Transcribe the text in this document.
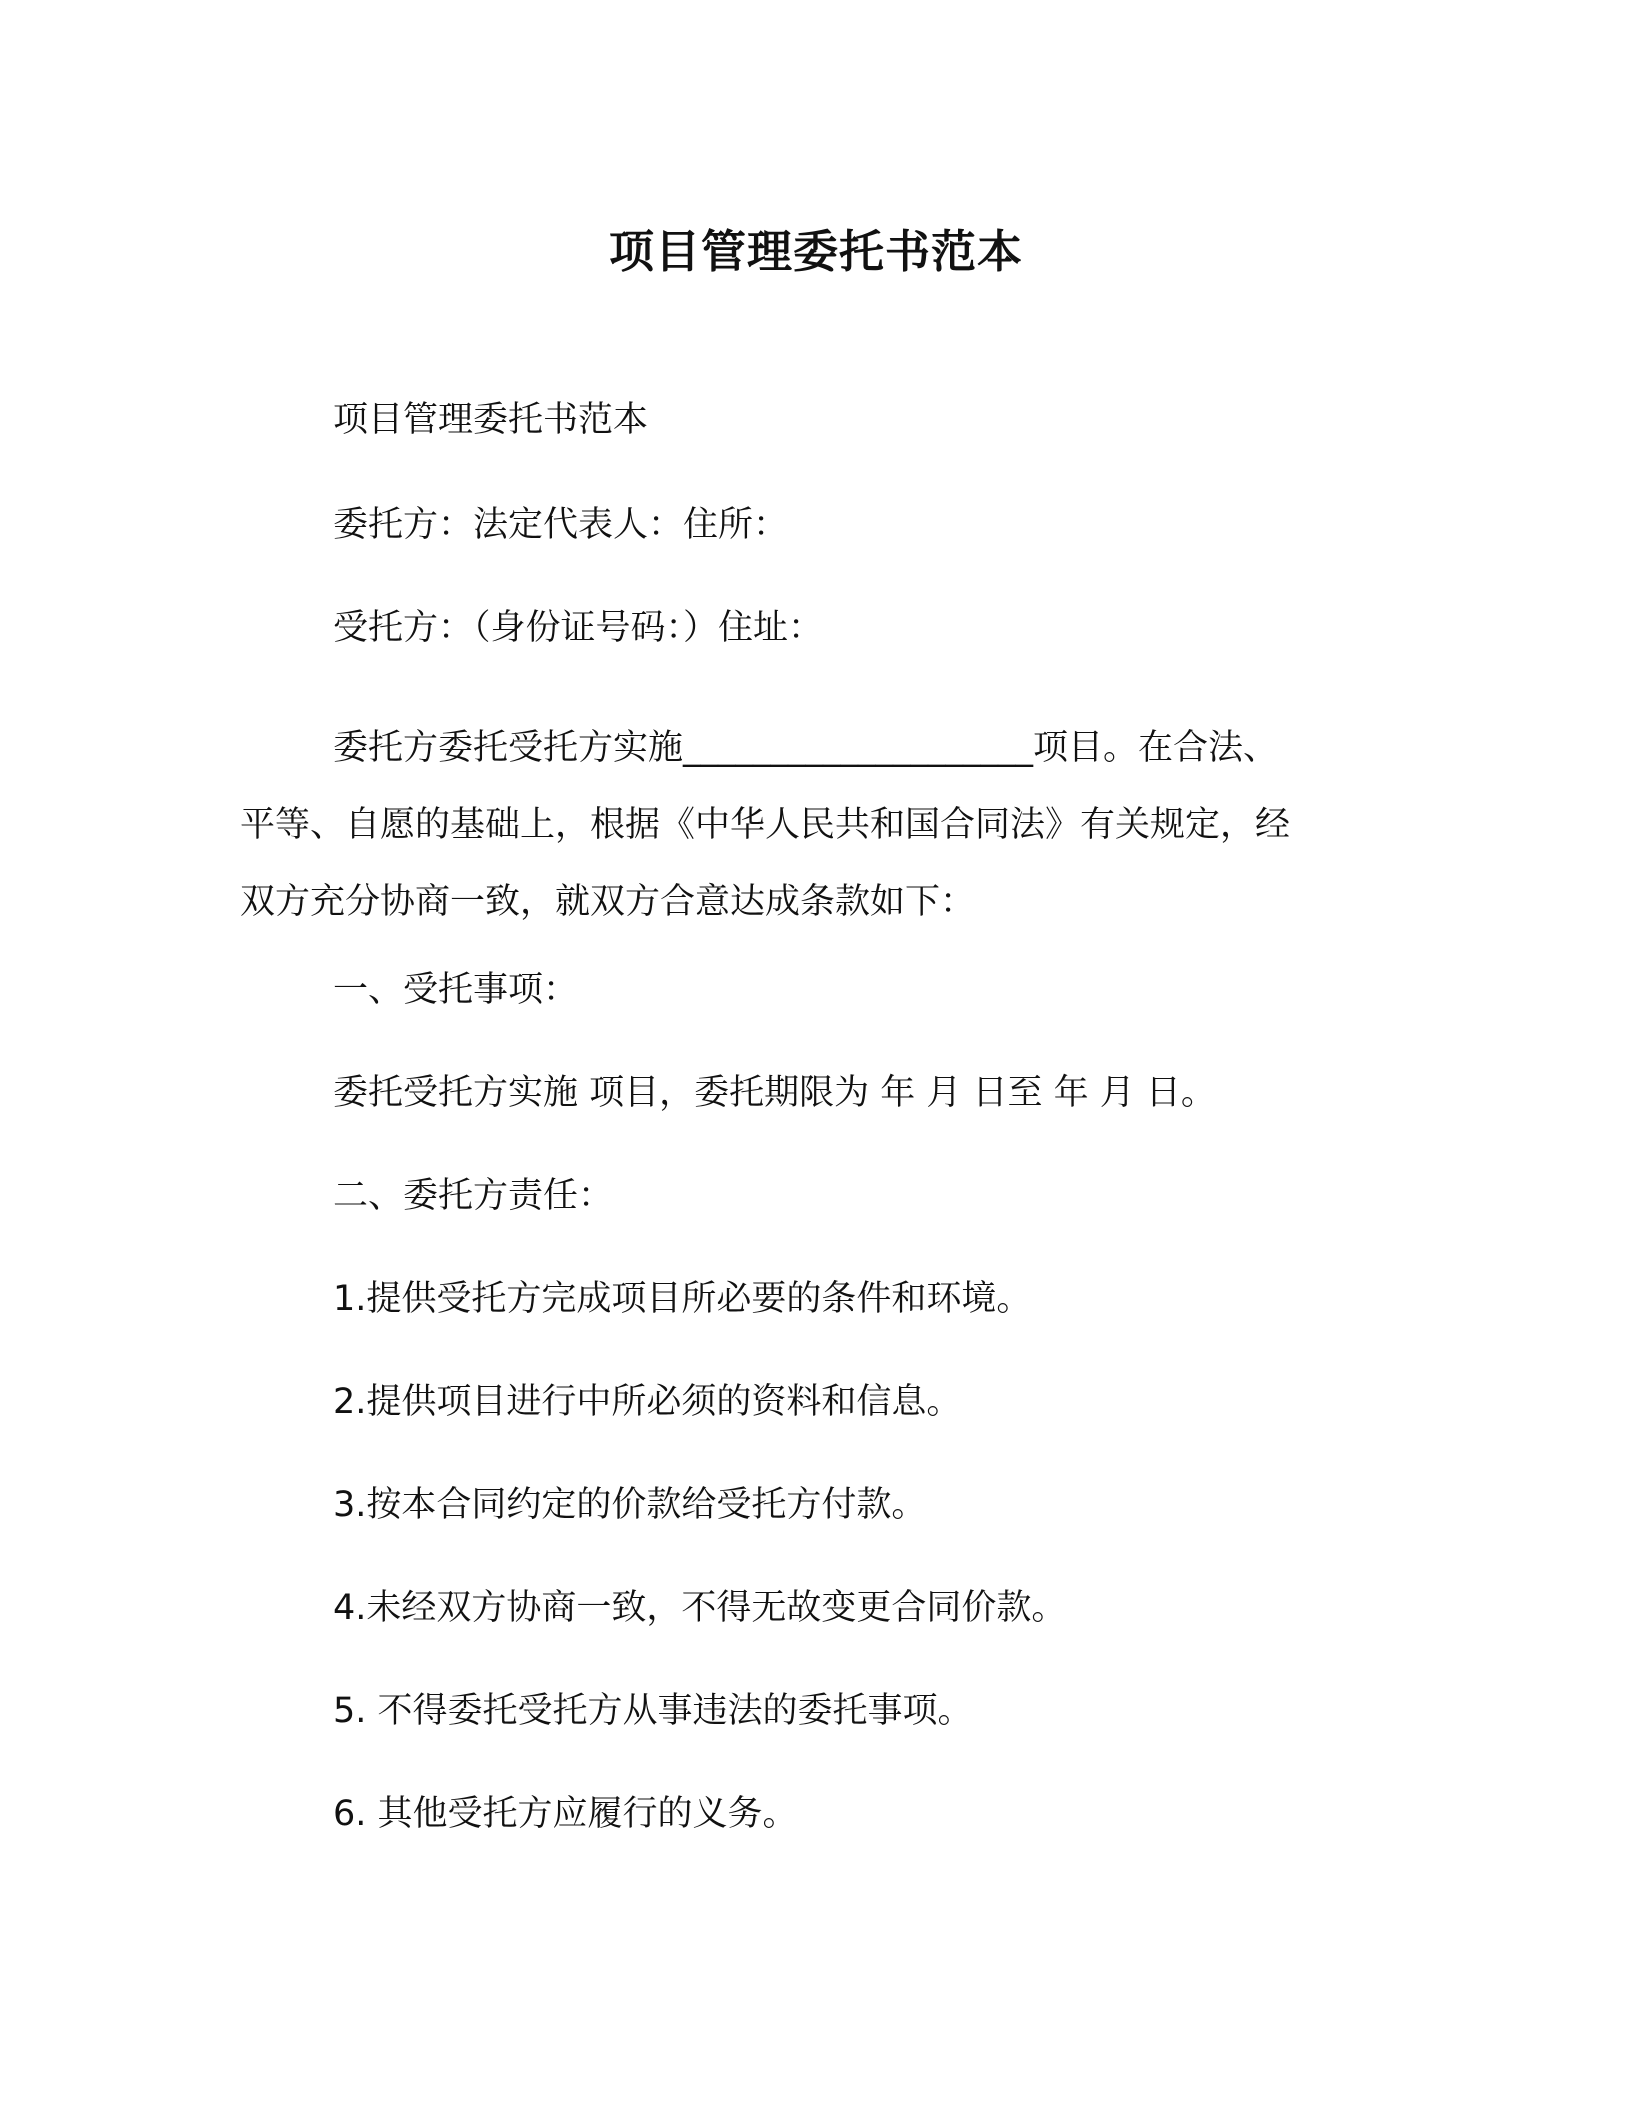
项目管理委托书范本
项目管理委托书范本
委托方：法定代表人：住所：
受托方：（身份证号码：）住址：
委托方委托受托方实施____________________项目。在合法、
平等、自愿的基础上，根据《中华人民共和国合同法》有关规定，经
双方充分协商一致，就双方合意达成条款如下：
一、受托事项：
委托受托方实施 项目，委托期限为 年 月 日至 年 月 日。
二、委托方责任：
1.提供受托方完成项目所必要的条件和环境。
2.提供项目进行中所必须的资料和信息。
3.按本合同约定的价款给受托方付款。
4.未经双方协商一致，不得无故变更合同价款。
5. 不得委托受托方从事违法的委托事项。
6. 其他受托方应履行的义务。
